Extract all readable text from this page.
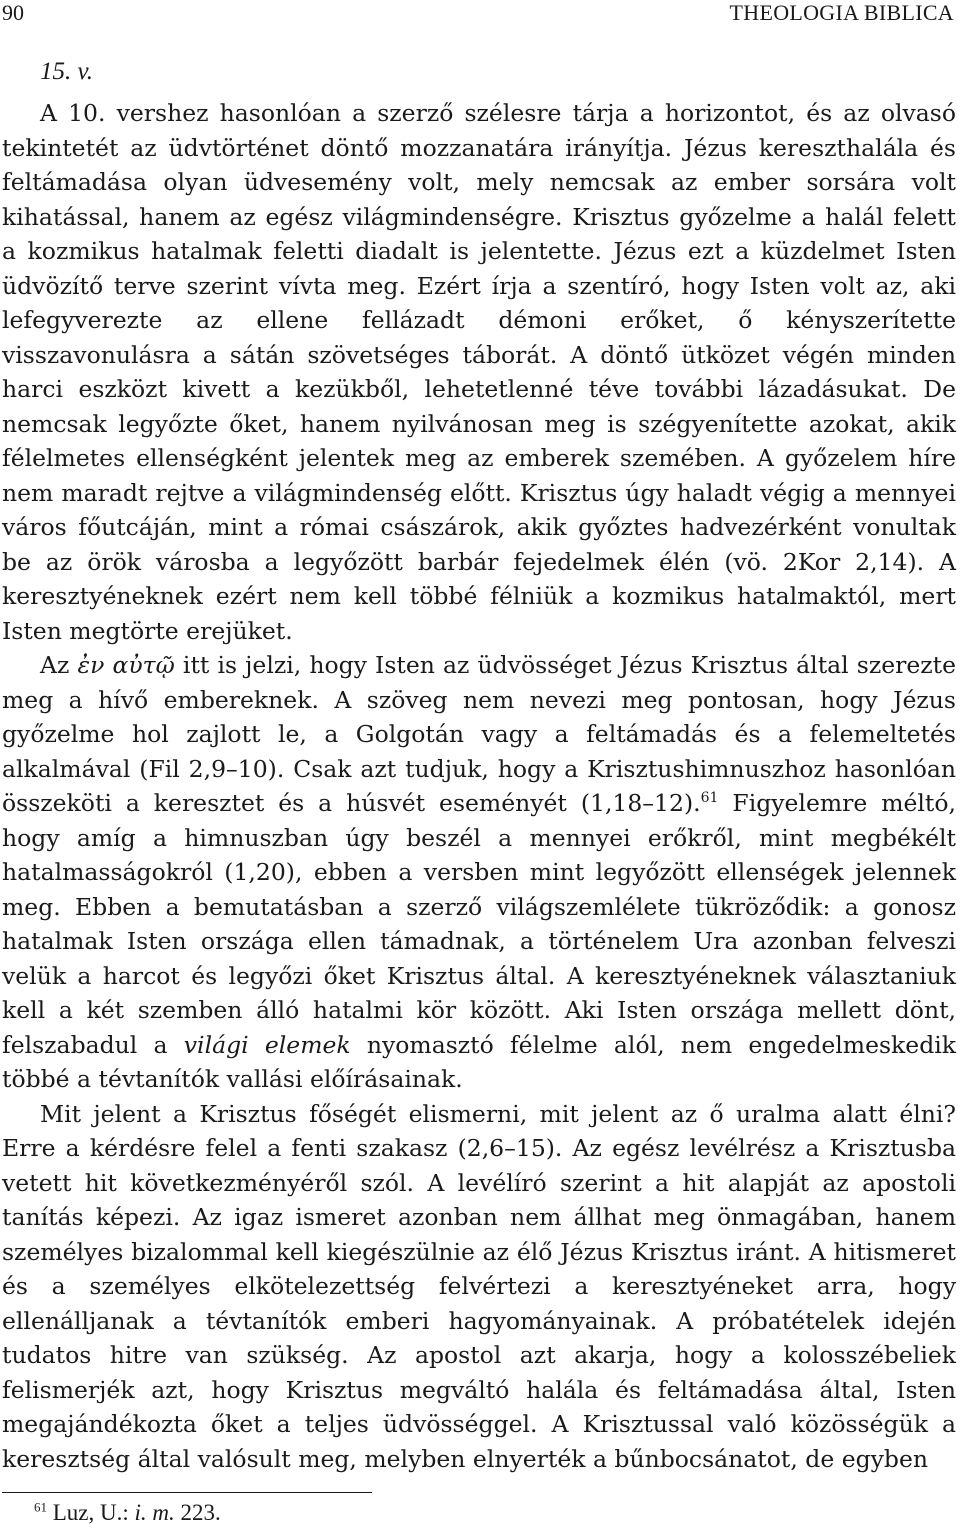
90	THEOLOGIA BIBLICA
15. v.

A 10. vershez hasonlóan a szerző szélesre tárja a horizontot, és az olvasó tekintetét az üdvtörténet döntő mozzanatára irányítja. Jézus kereszthalála és feltámadása olyan üdvesemény volt, mely nemcsak az ember sorsára volt kihatással, hanem az egész világmindenségre. Krisztus győzelme a halál felett a kozmikus hatalmak feletti diadalt is jelentette. Jézus ezt a küzdelmet Isten üdvözítő terve szerint vívta meg. Ezért írja a szentíró, hogy Isten volt az, aki lefegyverezte az ellene fellázadt démoni erőket, ő kényszerítette visszavonulásra a sátán szövetséges táborát. A döntő ütközet végén minden harci eszközt kivett a kezükből, lehetetlenné téve további lázadásukat. De nemcsak legyőzte őket, hanem nyilvánosan meg is szégyenítette azokat, akik félelmetes ellenségként jelentek meg az emberek szemében. A győzelem híre nem maradt rejtve a világmindenség előtt. Krisztus úgy haladt végig a mennyei város főutcáján, mint a római császárok, akik győztes hadvezérként vonultak be az örök városba a legyőzött barbár fejedelmek élén (vö. 2Kor 2,14). A keresztyéneknek ezért nem kell többé félniük a kozmikus hatalmaktól, mert Isten megtörte erejüket.

Az ἐν αὐτῷ itt is jelzi, hogy Isten az üdvösséget Jézus Krisztus által szerezte meg a hívő embereknek. A szöveg nem nevezi meg pontosan, hogy Jézus győzelme hol zajlott le, a Golgotán vagy a feltámadás és a felemeltetés alkalmával (Fil 2,9–10). Csak azt tudjuk, hogy a Krisztushimnuszhoz hasonlóan összeköti a keresztet és a húsvét eseményét (1,18–12).$^{61}$ Figyelemre méltó, hogy amíg a himnuszban úgy beszél a mennyei erőkről, mint megbékélt hatalmasságokról (1,20), ebben a versben mint legyőzött ellenségek jelennek meg. Ebben a bemutatásban a szerző világszemlélete tükröződik: a gonosz hatalmak Isten országa ellen támadnak, a történelem Ura azonban felveszi velük a harcot és legyőzi őket Krisztus által. A keresztyéneknek választaniuk kell a két szemben álló hatalmi kör között. Aki Isten országa mellett dönt, felszabadul a világi elemek nyomasztó félelme alól, nem engedelmeskedik többé a tévtanítók vallási előírásainak.

Mit jelent a Krisztus főségét elismerni, mit jelent az ő uralma alatt élni? Erre a kérdésre felel a fenti szakasz (2,6–15). Az egész levélrész a Krisztusba vetett hit következményéről szól. A levélíró szerint a hit alapját az apostoli tanítás képezi. Az igaz ismeret azonban nem állhat meg önmagában, hanem személyes bizalommal kell kiegészülnie az élő Jézus Krisztus iránt. A hitismeret és a személyes elkötelezettség felvértezi a keresztyéneket arra, hogy ellenálljanak a tévtanítók emberi hagyományainak. A próbatételek idején tudatos hitre van szükség. Az apostol azt akarja, hogy a kolosszébeliek felismerjék azt, hogy Krisztus megváltó halála és feltámadása által, Isten megajándékozta őket a teljes üdvösséggel. A Krisztussal való közösségük a keresztség által valósult meg, melyben elnyerték a bűnbocsánatot, de egyben

$^{61}$ Luz, U.: i. m. 223.
